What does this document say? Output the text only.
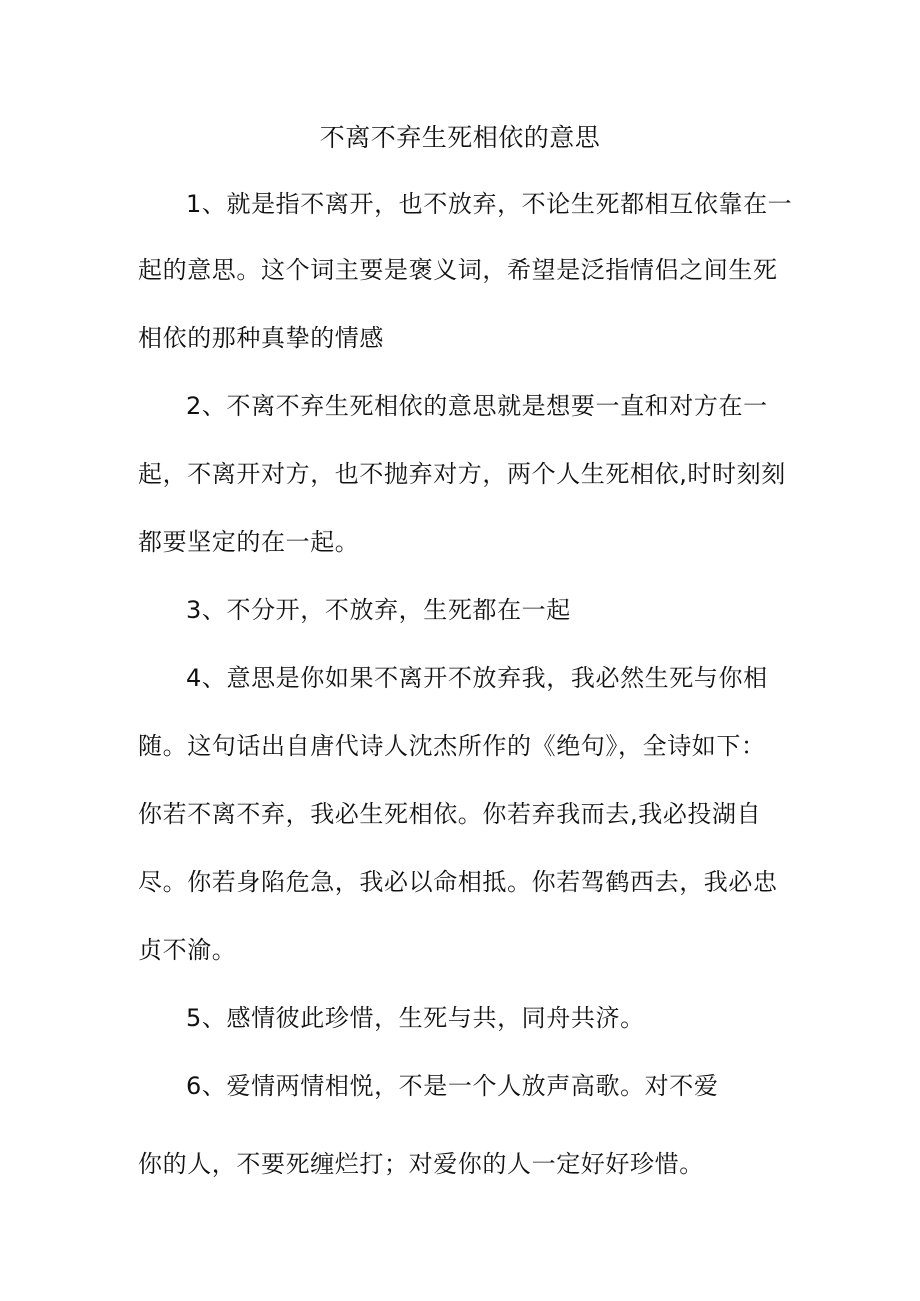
不离不弃生死相依的意思
1、就是指不离开，也不放弃，不论生死都相互依靠在一
起的意思。这个词主要是褒义词，希望是泛指情侣之间生死
相依的那种真挚的情感
2、不离不弃生死相依的意思就是想要一直和对方在一
起，不离开对方，也不抛弃对方，两个人生死相依,时时刻刻
都要坚定的在一起。
3、不分开，不放弃，生死都在一起
4、意思是你如果不离开不放弃我，我必然生死与你相
随。这句话出自唐代诗人沈杰所作的《绝句》，全诗如下：
你若不离不弃，我必生死相依。你若弃我而去,我必投湖自
尽。你若身陷危急，我必以命相抵。你若驾鹤西去，我必忠
贞不渝。
5、感情彼此珍惜，生死与共，同舟共济。
6、爱情两情相悦，不是一个人放声高歌。对不爱
你的人，不要死缠烂打；对爱你的人一定好好珍惜。
